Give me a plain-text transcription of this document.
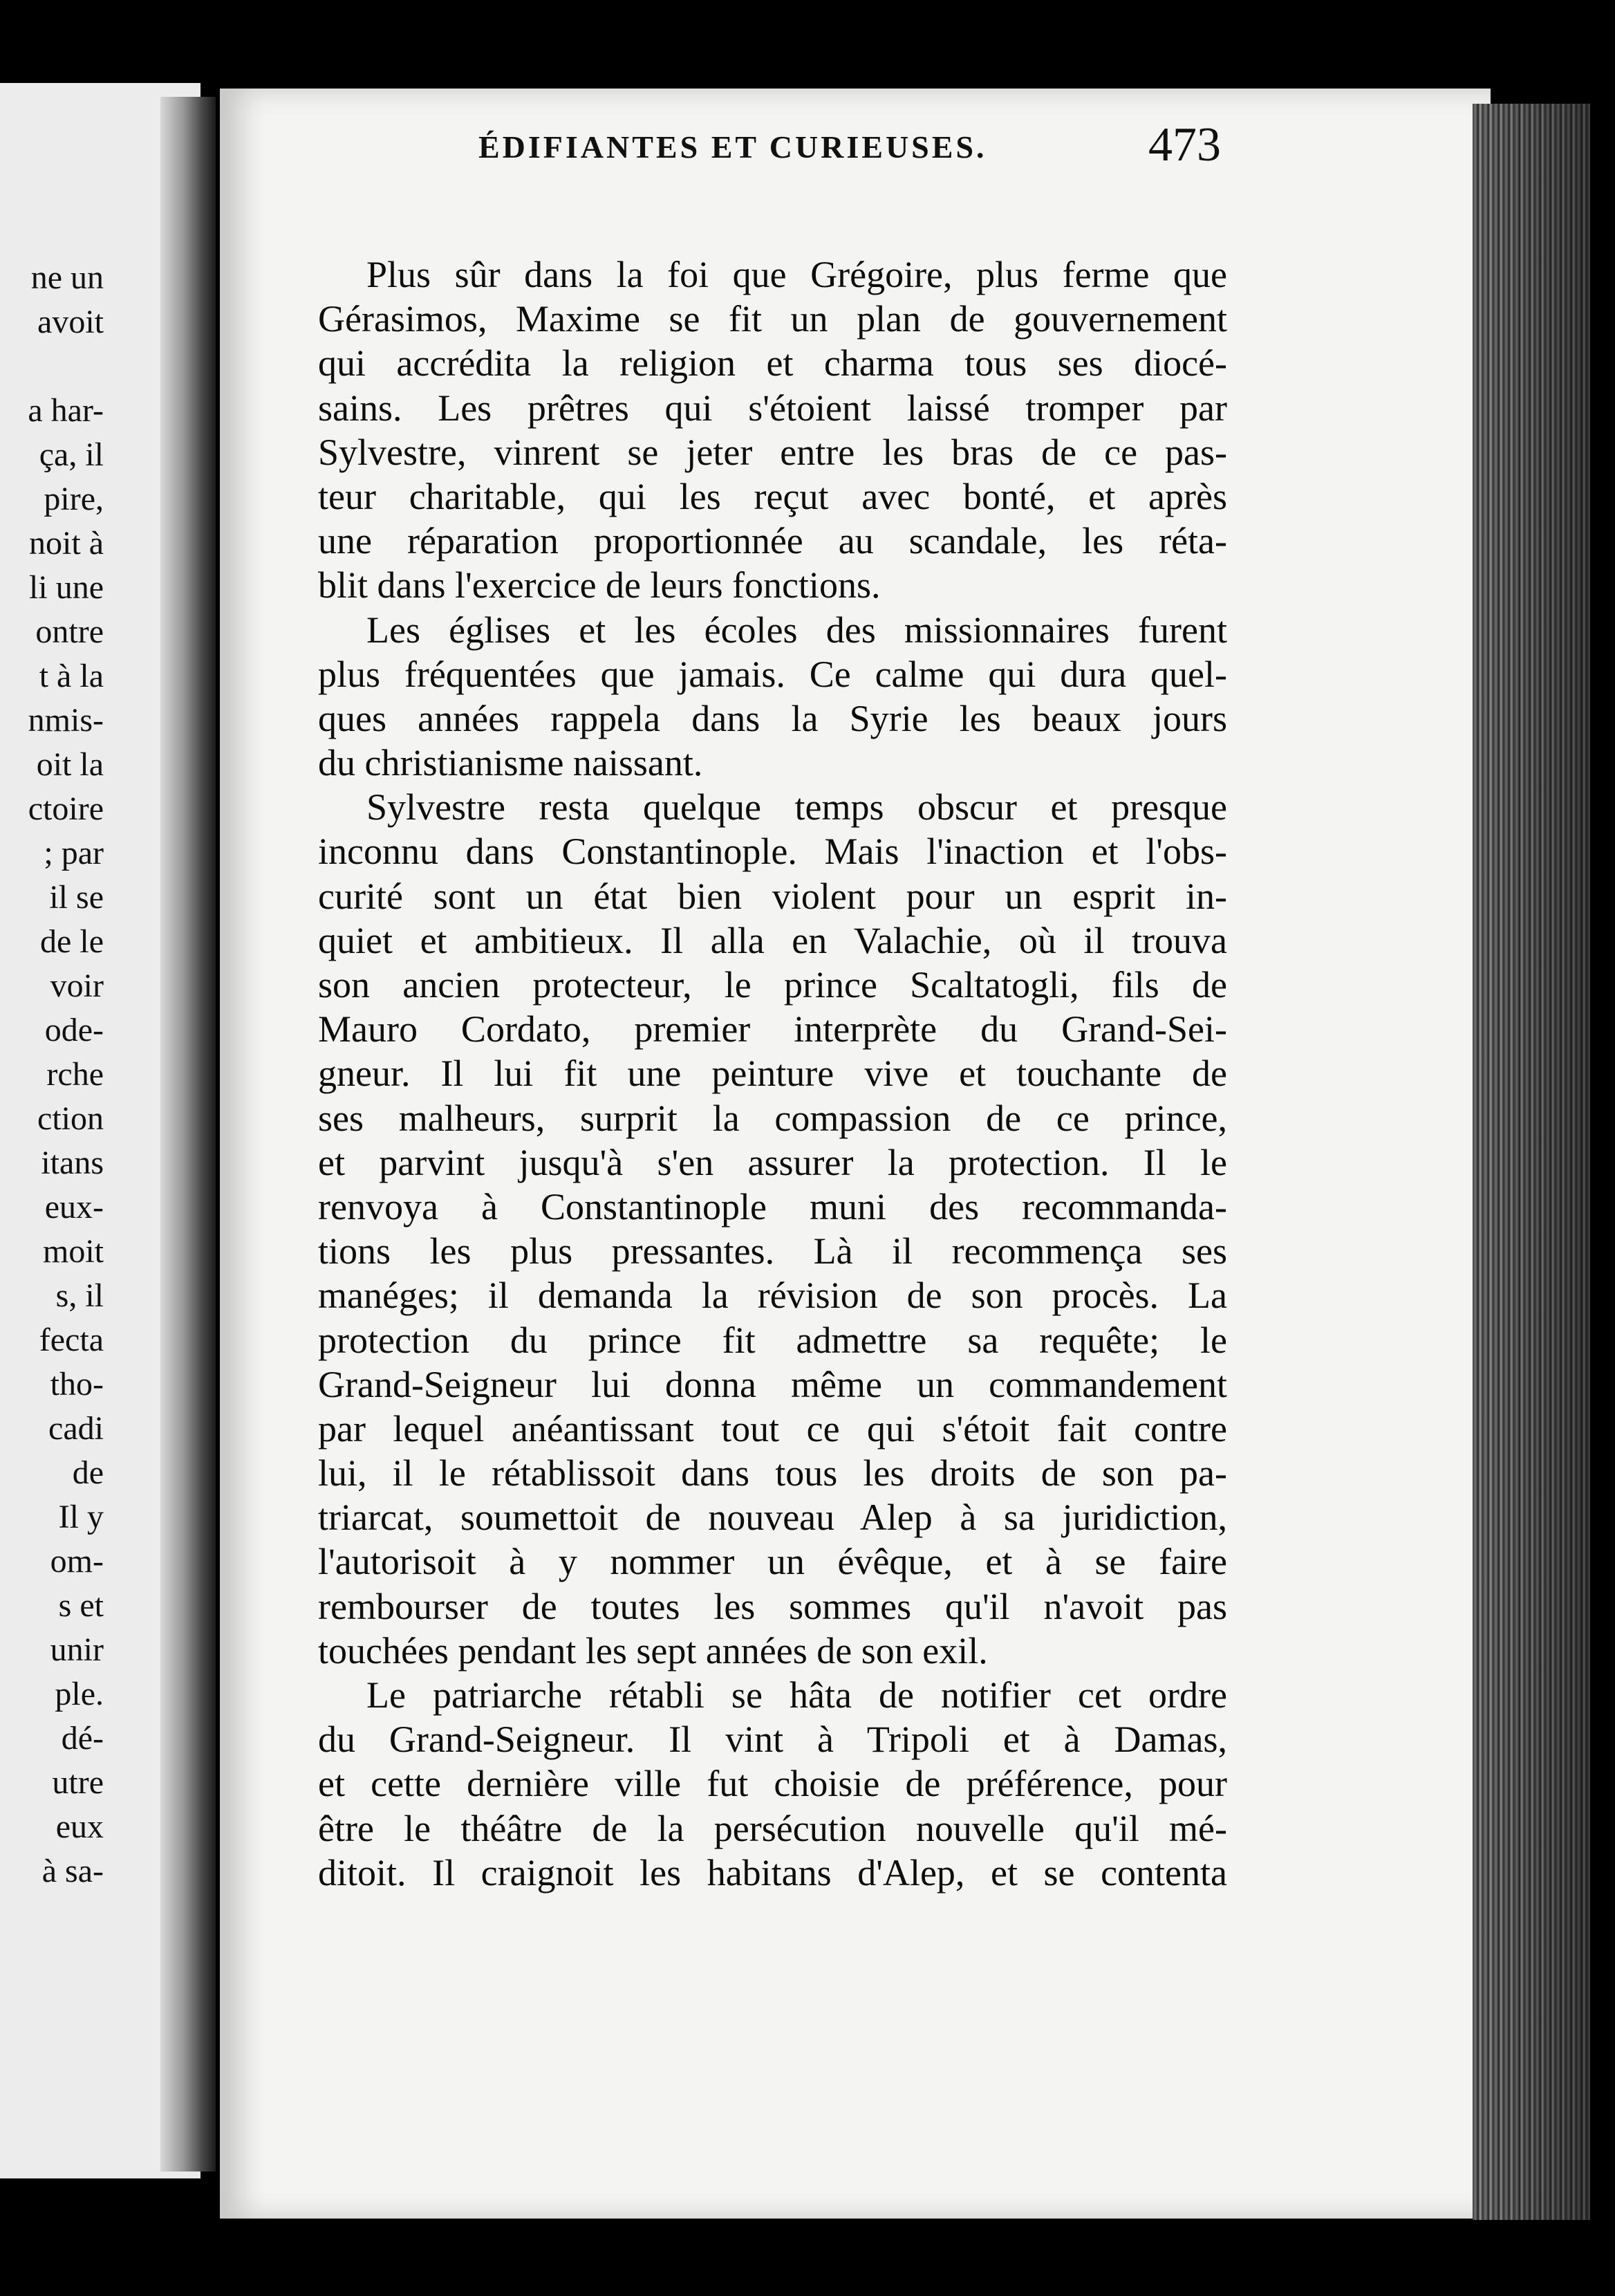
ne un
avoit
a har-
ça, il
pire,
noit à
li une
ontre
t à la
nmis-
oit la
ctoire
; par
il se
de le
voir
ode-
rche
ction
itans
eux-
moit
s, il
fecta
tho-
cadi
de
Il y
om-
s et
unir
ple.
dé-
utre
eux
à sa-
ÉDIFIANTES ET CURIEUSES.	473
Plus sûr dans la foi que Grégoire, plus ferme que
Gérasimos, Maxime se fit un plan de gouvernement
qui accrédita la religion et charma tous ses diocé-
sains. Les prêtres qui s'étoient laissé tromper par
Sylvestre, vinrent se jeter entre les bras de ce pas-
teur charitable, qui les reçut avec bonté, et après
une réparation proportionnée au scandale, les réta-
blit dans l'exercice de leurs fonctions.
Les églises et les écoles des missionnaires furent
plus fréquentées que jamais. Ce calme qui dura quel-
ques années rappela dans la Syrie les beaux jours
du christianisme naissant.
Sylvestre resta quelque temps obscur et presque
inconnu dans Constantinople. Mais l'inaction et l'obs-
curité sont un état bien violent pour un esprit in-
quiet et ambitieux. Il alla en Valachie, où il trouva
son ancien protecteur, le prince Scaltatogli, fils de
Mauro Cordato, premier interprète du Grand-Sei-
gneur. Il lui fit une peinture vive et touchante de
ses malheurs, surprit la compassion de ce prince,
et parvint jusqu'à s'en assurer la protection. Il le
renvoya à Constantinople muni des recommanda-
tions les plus pressantes. Là il recommença ses
manéges; il demanda la révision de son procès. La
protection du prince fit admettre sa requête; le
Grand-Seigneur lui donna même un commandement
par lequel anéantissant tout ce qui s'étoit fait contre
lui, il le rétablissoit dans tous les droits de son pa-
triarcat, soumettoit de nouveau Alep à sa juridiction,
l'autorisoit à y nommer un évêque, et à se faire
rembourser de toutes les sommes qu'il n'avoit pas
touchées pendant les sept années de son exil.
Le patriarche rétabli se hâta de notifier cet ordre
du Grand-Seigneur. Il vint à Tripoli et à Damas,
et cette dernière ville fut choisie de préférence, pour
être le théâtre de la persécution nouvelle qu'il mé-
ditoit. Il craignoit les habitans d'Alep, et se contenta
